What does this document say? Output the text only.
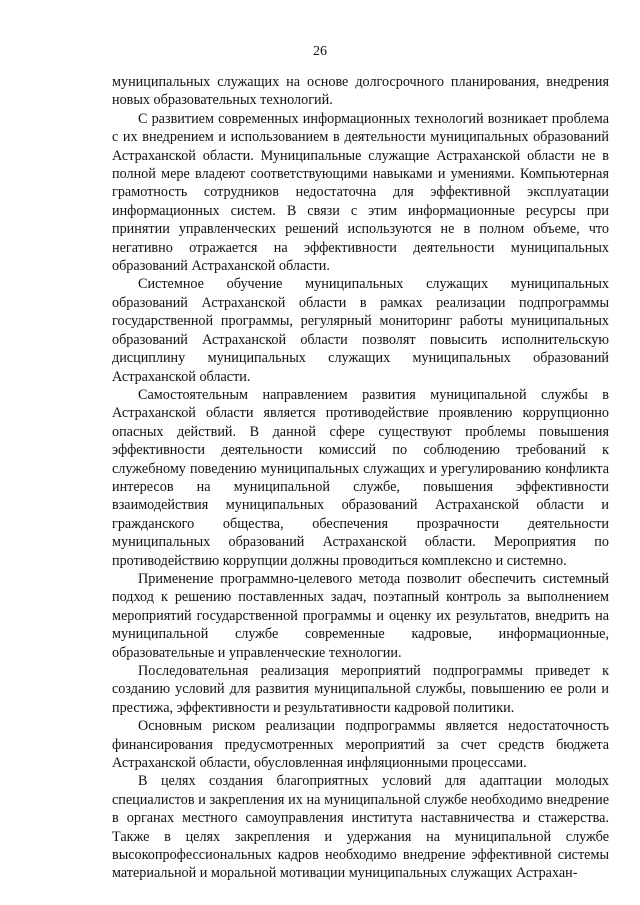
26

муниципальных служащих на основе долгосрочного планирования, внедрения новых образовательных технологий.

С развитием современных информационных технологий возникает проблема с их внедрением и использованием в деятельности муниципальных образований Астраханской области. Муниципальные служащие Астраханской области не в полной мере владеют соответствующими навыками и умениями. Компьютерная грамотность сотрудников недостаточна для эффективной эксплуатации информационных систем. В связи с этим информационные ресурсы при принятии управленческих решений используются не в полном объеме, что негативно отражается на эффективности деятельности муниципальных образований Астраханской области.

Системное обучение муниципальных служащих муниципальных образований Астраханской области в рамках реализации подпрограммы государственной программы, регулярный мониторинг работы муниципальных образований Астраханской области позволят повысить исполнительскую дисциплину муниципальных служащих муниципальных образований Астраханской области.

Самостоятельным направлением развития муниципальной службы в Астраханской области является противодействие проявлению коррупционно опасных действий. В данной сфере существуют проблемы повышения эффективности деятельности комиссий по соблюдению требований к служебному поведению муниципальных служащих и урегулированию конфликта интересов на муниципальной службе, повышения эффективности взаимодействия муниципальных образований Астраханской области и гражданского общества, обеспечения прозрачности деятельности муниципальных образований Астраханской области. Мероприятия по противодействию коррупции должны проводиться комплексно и системно.

Применение программно-целевого метода позволит обеспечить системный подход к решению поставленных задач, поэтапный контроль за выполнением мероприятий государственной программы и оценку их результатов, внедрить на муниципальной службе современные кадровые, информационные, образовательные и управленческие технологии.

Последовательная реализация мероприятий подпрограммы приведет к созданию условий для развития муниципальной службы, повышению ее роли и престижа, эффективности и результативности кадровой политики.

Основным риском реализации подпрограммы является недостаточность финансирования предусмотренных мероприятий за счет средств бюджета Астраханской области, обусловленная инфляционными процессами.

В целях создания благоприятных условий для адаптации молодых специалистов и закрепления их на муниципальной службе необходимо внедрение в органах местного самоуправления института наставничества и стажерства. Также в целях закрепления и удержания на муниципальной службе высокопрофессиональных кадров необходимо внедрение эффективной системы материальной и моральной мотивации муниципальных служащих Астрахан-
